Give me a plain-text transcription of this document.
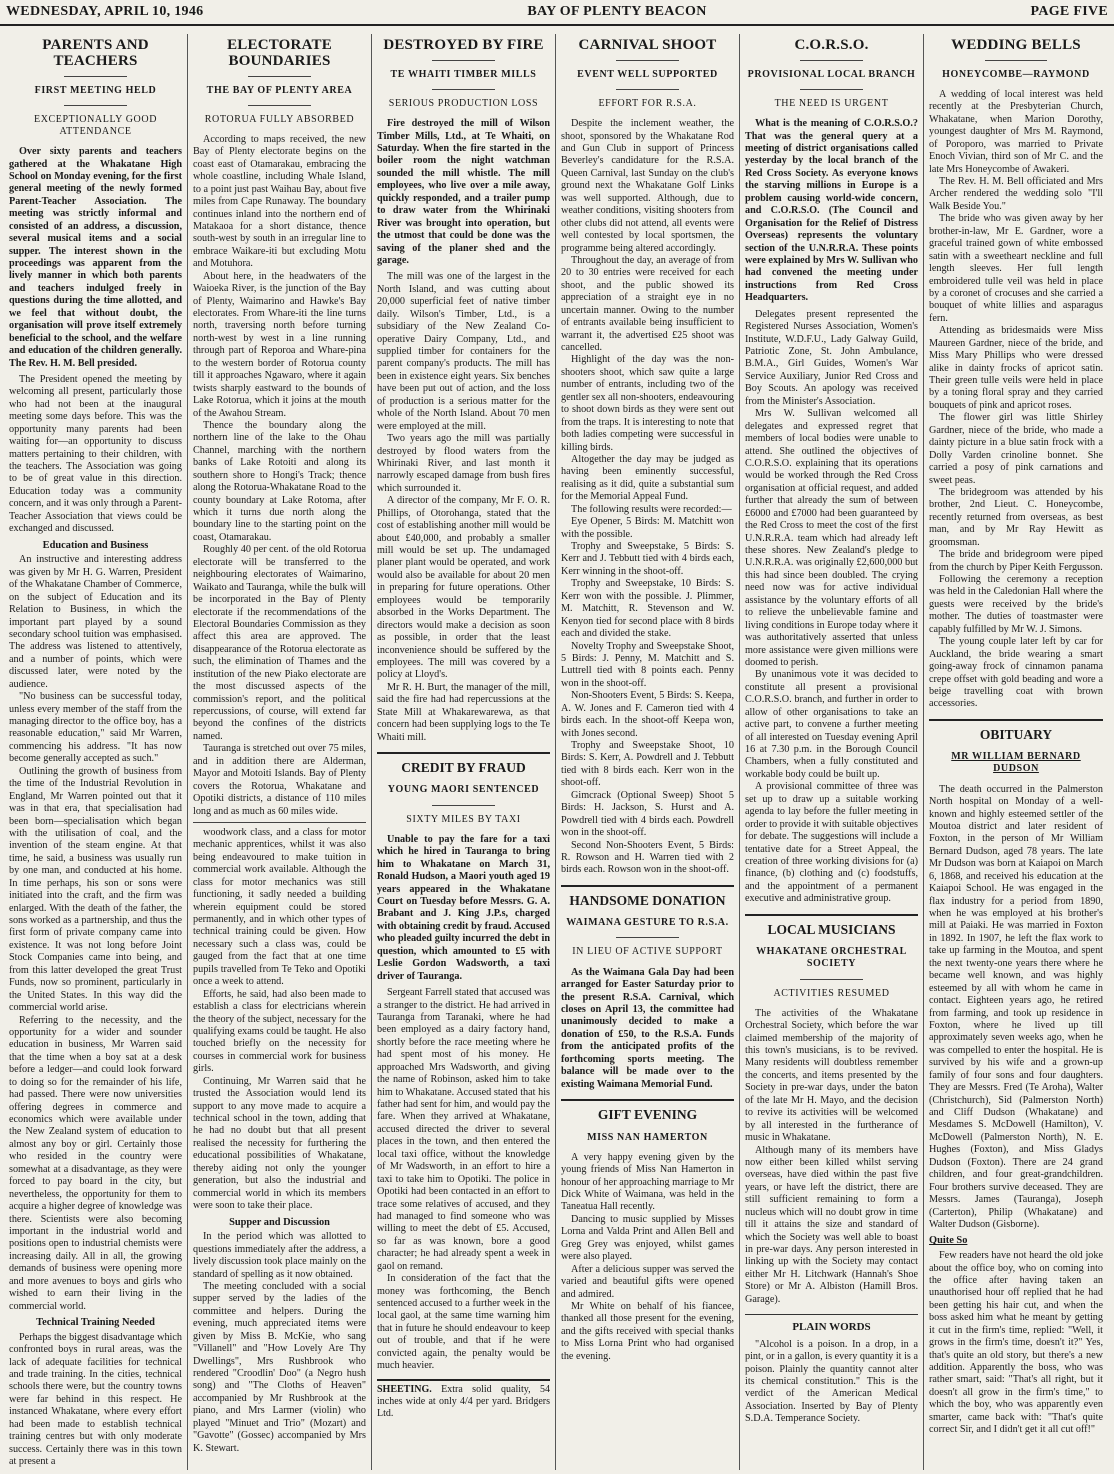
WEDNESDAY, APRIL 10, 1946	BAY OF PLENTY BEACON	PAGE FIVE
PARENTS AND TEACHERS
FIRST MEETING HELD
EXCEPTIONALLY GOOD ATTENDANCE
Over sixty parents and teachers gathered at the Whakatane High School on Monday evening, for the first general meeting of the newly formed Parent-Teacher Association. The meeting was strictly informal and consisted of an address, a discussion, several musical items and a social supper. The interest shown in the proceedings was apparent from the lively manner in which both parents and teachers indulged freely in questions during the time allotted, and we feel that without doubt, the organisation will prove itself extremely beneficial to the school, and the welfare and education of the children generally. The Rev. H. M. Bell presided.

The President opened the meeting by welcoming all present, particularly those who had not been at the inaugural meeting some days before. This was the opportunity many parents had been waiting for—an opportunity to discuss matters pertaining to their children, with the teachers. The Association was going to be of great value in this direction. Education today was a community concern, and it was only through a Parent-Teacher Association that views could be exchanged and discussed.

Education and Business

An instructive and interesting address was given by Mr H. G. Warren, President of the Whakatane Chamber of Commerce, on the subject of Education and its Relation to Business, in which the important part played by a sound secondary school tuition was emphasised. The address was listened to attentively, and a number of points, which were discussed later, were noted by the audience.

"No business can be successful today, unless every member of the staff from the managing director to the office boy, has a reasonable education," said Mr Warren, commencing his address. "It has now become generally accepted as such."

Outlining the growth of business from the time of the Industrial Revolution in England, Mr Warren pointed out that it was in that era, that specialisation had been born—specialisation which began with the utilisation of coal, and the invention of the steam engine. At that time, he said, a business was usually run by one man, and conducted at his home. In time perhaps, his son or sons were initiated into the craft, and the firm was enlarged. With the death of the father, the sons worked as a partnership, and thus the first form of private company came into existence. It was not long before Joint Stock Companies came into being, and from this latter developed the great Trust Funds, now so prominent, particularly in the United States. In this way did the commercial world arise.

Referring to the necessity, and the opportunity for a wider and sounder education in business, Mr Warren said that the time when a boy sat at a desk before a ledger—and could look forward to doing so for the remainder of his life, had passed. There were now universities offering degrees in commerce and economics which were available under the New Zealand system of education to almost any boy or girl. Certainly those who resided in the country were somewhat at a disadvantage, as they were forced to pay board in the city, but nevertheless, the opportunity for them to acquire a higher degree of knowledge was there. Scientists were also becoming important in the industrial world and positions open to industrial chemists were increasing daily. All in all, the growing demands of business were opening more and more avenues to boys and girls who wished to earn their living in the commercial world.

Technical Training Needed

Perhaps the biggest disadvantage which confronted boys in rural areas, was the lack of adequate facilities for technical and trade training. In the cities, technical schools there were, but the country towns were far behind in this respect. He instanced Whakatane, where every effort had been made to establish technical training centres but with only moderate success. Certainly there was in this town at present a

ELECTORATE BOUNDARIES
THE BAY OF PLENTY AREA
ROTORUA FULLY ABSORBED

According to maps received, the new Bay of Plenty electorate begins on the coast east of Otamarakau, embracing the whole coastline, including Whale Island, to a point just past Waihau Bay, about five miles from Cape Runaway. The boundary continues inland into the northern end of Matakaoa for a short distance, thence south-west by south in an irregular line to embrace Waikare-iti but excluding Motu and Motuhora.

About here, in the headwaters of the Waioeka River, is the junction of the Bay of Plenty, Waimarino and Hawke's Bay electorates. From Whare-iti the line turns north, traversing north before turning north-west by west in a line running through part of Reporoa and Whare-pina to the western border of Rotorua county till it approaches Ngawaro, where it again twists sharply eastward to the bounds of Lake Rotorua, which it joins at the mouth of the Awahou Stream.

Thence the boundary along the northern line of the lake to the Ohau Channel, marching with the northern banks of Lake Rotoiti and along its southern shore to Hongi's Track; thence along the Rotorua-Whakatane Road to the county boundary at Lake Rotoma, after which it turns due north along the boundary line to the starting point on the coast, Otamarakau.

Roughly 40 per cent. of the old Rotorua electorate will be transferred to the neighbouring electorates of Waimarino, Waikato and Tauranga, while the bulk will be incorporated in the Bay of Plenty electorate if the recommendations of the Electoral Boundaries Commission as they affect this area are approved. The disappearance of the Rotorua electorate as such, the elimination of Thames and the institution of the new Piako electorate are the most discussed aspects of the commission's report, and the political repercussions, of course, will extend far beyond the confines of the districts named.

Tauranga is stretched out over 75 miles, and in addition there are Alderman, Mayor and Motoiti Islands. Bay of Plenty covers the Rotorua, Whakatane and Opotiki districts, a distance of 110 miles long and as much as 60 miles wide.

woodwork class, and a class for motor mechanic apprentices, whilst it was also being endeavoured to make tuition in commercial work available. Although the class for motor mechanics was still functioning, it sadly needed a building wherein equipment could be stored permanently, and in which other types of technical training could be given. How necessary such a class was, could be gauged from the fact that at one time pupils travelled from Te Teko and Opotiki once a week to attend.

Efforts, he said, had also been made to establish a class for electricians wherein the theory of the subject, necessary for the qualifying exams could be taught. He also touched briefly on the necessity for courses in commercial work for business girls.

Continuing, Mr Warren said that he trusted the Association would lend its support to any move made to acquire a technical school in the town, adding that he had no doubt but that all present realised the necessity for furthering the educational possibilities of Whakatane, thereby aiding not only the younger generation, but also the industrial and commercial world in which its members were soon to take their place.

Supper and Discussion

In the period which was allotted to questions immediately after the address, a lively discussion took place mainly on the standard of spelling as it now obtained.

The meeting concluded with a social supper served by the ladies of the committee and helpers. During the evening, much appreciated items were given by Miss B. McKie, who sang "Villanell" and "How Lovely Are Thy Dwellings", Mrs Rushbrook who rendered "Croodlin' Doo" (a Negro hush song) and "The Cloths of Heaven" accompanied by Mr Rushbrook at the piano, and Mrs Larmer (violin) who played "Minuet and Trio" (Mozart) and "Gavotte" (Gossec) accompanied by Mrs K. Stewart.

DESTROYED BY FIRE
TE WHAITI TIMBER MILLS
SERIOUS PRODUCTION LOSS
Fire destroyed the mill of Wilson Timber Mills, Ltd., at Te Whaiti, on Saturday. When the fire started in the boiler room the night watchman sounded the mill whistle. The mill employees, who live over a mile away, quickly responded, and a trailer pump to draw water from the Whirinaki River was brought into operation, but the utmost that could be done was the saving of the planer shed and the garage.

The mill was one of the largest in the North Island, and was cutting about 20,000 superficial feet of native timber daily. Wilson's Timber, Ltd., is a subsidiary of the New Zealand Co-operative Dairy Company, Ltd., and supplied timber for containers for the parent company's products. The mill has been in existence eight years. Six benches have been put out of action, and the loss of production is a serious matter for the whole of the North Island. About 70 men were employed at the mill.

Two years ago the mill was partially destroyed by flood waters from the Whirinaki River, and last month it narrowly escaped damage from bush fires which surrounded it.

A director of the company, Mr F. O. R. Phillips, of Otorohanga, stated that the cost of establishing another mill would be about £40,000, and probably a smaller mill would be set up. The undamaged planer plant would be operated, and work would also be available for about 20 men in preparing for future operations. Other employees would be temporarily absorbed in the Works Department. The directors would make a decision as soon as possible, in order that the least inconvenience should be suffered by the employees. The mill was covered by a policy at Lloyd's.

Mr R. H. Burt, the manager of the mill, said the fire had had repercussions at the State Mill at Whakarewarewa, as that concern had been supplying logs to the Te Whaiti mill.

CREDIT BY FRAUD
YOUNG MAORI SENTENCED
SIXTY MILES BY TAXI
Unable to pay the fare for a taxi which he hired in Tauranga to bring him to Whakatane on March 31, Ronald Hudson, a Maori youth aged 19 years appeared in the Whakatane Court on Tuesday before Messrs. G. A. Brabant and J. King J.P.s, charged with obtaining credit by fraud. Accused who pleaded guilty incurred the debt in question, which amounted to £5 with Leslie Gordon Wadsworth, a taxi driver of Tauranga.

Sergeant Farrell stated that accused was a stranger to the district. He had arrived in Tauranga from Taranaki, where he had been employed as a dairy factory hand, shortly before the race meeting where he had spent most of his money. He approached Mrs Wadsworth, and giving the name of Robinson, asked him to take him to Whakatane. Accused stated that his father had sent for him, and would pay the fare. When they arrived at Whakatane, accused directed the driver to several places in the town, and then entered the local taxi office, without the knowledge of Mr Wadsworth, in an effort to hire a taxi to take him to Opotiki. The police in Opotiki had been contacted in an effort to trace some relatives of accused, and they had managed to find someone who was willing to meet the debt of £5. Accused, so far as was known, bore a good character; he had already spent a week in gaol on remand.

In consideration of the fact that the money was forthcoming, the Bench sentenced accused to a further week in the local gaol, at the same time warning him that in future he should endeavour to keep out of trouble, and that if he were convicted again, the penalty would be much heavier.

SHEETING. Extra solid quality, 54 inches wide at only 4/4 per yard. Bridgers Ltd.
CARNIVAL SHOOT
EVENT WELL SUPPORTED
EFFORT FOR R.S.A.

Despite the inclement weather, the shoot, sponsored by the Whakatane Rod and Gun Club in support of Princess Beverley's candidature for the R.S.A. Queen Carnival, last Sunday on the club's ground next the Whakatane Golf Links was well supported. Although, due to weather conditions, visiting shooters from other clubs did not attend, all events were well contested by local sportsmen, the programme being altered accordingly.

Throughout the day, an average of from 20 to 30 entries were received for each shoot, and the public showed its appreciation of a straight eye in no uncertain manner. Owing to the number of entrants available being insufficient to warrant it, the advertised £25 shoot was cancelled.

Highlight of the day was the non-shooters shoot, which saw quite a large number of entrants, including two of the gentler sex all non-shooters, endeavouring to shoot down birds as they were sent out from the traps. It is interesting to note that both ladies competing were successful in killing birds.

Altogether the day may be judged as having been eminently successful, realising as it did, quite a substantial sum for the Memorial Appeal Fund.

The following results were recorded:—

Eye Opener, 5 Birds: M. Matchitt won with the possible.

Trophy and Sweepstake, 5 Birds: S. Kerr and J. Tebbutt tied with 4 birds each, Kerr winning in the shoot-off.

Trophy and Sweepstake, 10 Birds: S. Kerr won with the possible. J. Plimmer, M. Matchitt, R. Stevenson and W. Kenyon tied for second place with 8 birds each and divided the stake.

Novelty Trophy and Sweepstake Shoot, 5 Birds: J. Penny, M. Matchitt and S. Luttrell tied with 8 points each. Penny won in the shoot-off.

Non-Shooters Event, 5 Birds: S. Keepa, A. W. Jones and F. Cameron tied with 4 birds each. In the shoot-off Keepa won, with Jones second.

Trophy and Sweepstake Shoot, 10 Birds: S. Kerr, A. Powdrell and J. Tebbutt tied with 8 birds each. Kerr won in the shoot-off.

Gimcrack (Optional Sweep) Shoot 5 Birds: H. Jackson, S. Hurst and A. Powdrell tied with 4 birds each. Powdrell won in the shoot-off.

Second Non-Shooters Event, 5 Birds: R. Rowson and H. Warren tied with 2 birds each. Rowson won in the shoot-off.

HANDSOME DONATION
WAIMANA GESTURE TO R.S.A.
IN LIEU OF ACTIVE SUPPORT
As the Waimana Gala Day had been arranged for Easter Saturday prior to the present R.S.A. Carnival, which closes on April 13, the committee had unanimously decided to make a donation of £50, to the R.S.A. Funds from the anticipated profits of the forthcoming sports meeting. The balance will be made over to the existing Waimana Memorial Fund.
GIFT EVENING
MISS NAN HAMERTON

A very happy evening given by the young friends of Miss Nan Hamerton in honour of her approaching marriage to Mr Dick White of Waimana, was held in the Taneatua Hall recently.

Dancing to music supplied by Misses Lorna and Valda Print and Allen Bell and Greg Grey was enjoyed, whilst games were also played.

After a delicious supper was served the varied and beautiful gifts were opened and admired.

Mr White on behalf of his fiancee, thanked all those present for the evening, and the gifts received with special thanks to Miss Lorna Print who had organised the evening.

C.O.R.S.O.
PROVISIONAL LOCAL BRANCH
THE NEED IS URGENT
What is the meaning of C.O.R.S.O.? That was the general query at a meeting of district organisations called yesterday by the local branch of the Red Cross Society. As everyone knows the starving millions in Europe is a problem causing world-wide concern, and C.O.R.S.O. (The Council and Organisation for the Relief of Distress Overseas) represents the voluntary section of the U.N.R.R.A. These points were explained by Mrs W. Sullivan who had convened the meeting under instructions from Red Cross Headquarters.

Delegates present represented the Registered Nurses Association, Women's Institute, W.D.F.U., Lady Galway Guild, Patriotic Zone, St. John Ambulance, B.M.A., Girl Guides, Women's War Service Auxiliary, Junior Red Cross and Boy Scouts. An apology was received from the Minister's Association.

Mrs W. Sullivan welcomed all delegates and expressed regret that members of local bodies were unable to attend. She outlined the objectives of C.O.R.S.O. explaining that its operations would be worked through the Red Cross organisation at official request, and added further that already the sum of between £6000 and £7000 had been guaranteed by the Red Cross to meet the cost of the first U.N.R.R.A. team which had already left these shores. New Zealand's pledge to U.N.R.R.A. was originally £2,600,000 but this had since been doubled. The crying need now was for active individual assistance by the voluntary efforts of all to relieve the unbelievable famine and living conditions in Europe today where it was authoritatively asserted that unless more assistance were given millions were doomed to perish.

By unanimous vote it was decided to constitute all present a provisional C.O.R.S.O. branch, and further in order to allow of other organisations to take an active part, to convene a further meeting of all interested on Tuesday evening April 16 at 7.30 p.m. in the Borough Council Chambers, when a fully constituted and workable body could be built up.

A provisional committee of three was set up to draw up a suitable working agenda to lay before the fuller meeting in order to provide it with suitable objectives for debate. The suggestions will include a tentative date for a Street Appeal, the creation of three working divisions for (a) finance, (b) clothing and (c) foodstuffs, and the appointment of a permanent executive and administrative group.

LOCAL MUSICIANS
WHAKATANE ORCHESTRAL SOCIETY
ACTIVITIES RESUMED

The activities of the Whakatane Orchestral Society, which before the war claimed membership of the majority of this town's musicians, is to be revived. Many residents will doubtless remember the concerts, and items presented by the Society in pre-war days, under the baton of the late Mr H. Mayo, and the decision to revive its activities will be welcomed by all interested in the furtherance of music in Whakatane.

Although many of its members have now either been killed whilst serving overseas, have died within the past five years, or have left the district, there are still sufficient remaining to form a nucleus which will no doubt grow in time till it attains the size and standard of which the Society was well able to boast in pre-war days. Any person interested in linking up with the Society may contact either Mr H. Litchwark (Hannah's Shoe Store) or Mr A. Albiston (Hamill Bros. Garage).

PLAIN WORDS

"Alcohol is a poison. In a drop, in a pint, or in a gallon, is every quantity it is a poison. Plainly the quantity cannot alter its chemical constitution." This is the verdict of the American Medical Association. Inserted by Bay of Plenty S.D.A. Temperance Society.

WEDDING BELLS
HONEYCOMBE—RAYMOND

A wedding of local interest was held recently at the Presbyterian Church, Whakatane, when Marion Dorothy, youngest daughter of Mrs M. Raymond, of Poroporo, was married to Private Enoch Vivian, third son of Mr C. and the late Mrs Honeycombe of Awakeri.

The Rev. H. M. Bell officiated and Mrs Archer rendered the wedding solo "I'll Walk Beside You."

The bride who was given away by her brother-in-law, Mr E. Gardner, wore a graceful trained gown of white embossed satin with a sweetheart neckline and full length sleeves. Her full length embroidered tulle veil was held in place by a coronet of crocuses and she carried a bouquet of white lillies and asparagus fern.

Attending as bridesmaids were Miss Maureen Gardner, niece of the bride, and Miss Mary Phillips who were dressed alike in dainty frocks of apricot satin. Their green tulle veils were held in place by a toning floral spray and they carried bouquets of pink and apricot roses.

The flower girl was little Shirley Gardner, niece of the bride, who made a dainty picture in a blue satin frock with a Dolly Varden crinoline bonnet. She carried a posy of pink carnations and sweet peas.

The bridegroom was attended by his brother, 2nd Lieut. C. Honeycombe, recently returned from overseas, as best man, and by Mr Ray Hewitt as groomsman.

The bride and bridegroom were piped from the church by Piper Keith Fergusson.

Following the ceremony a reception was held in the Caledonian Hall where the guests were received by the bride's mother. The duties of toastmaster were capably fulfilled by Mr W. J. Simons.

The young couple later left by car for Auckland, the bride wearing a smart going-away frock of cinnamon panama crepe offset with gold beading and wore a beige travelling coat with brown accessories.

OBITUARY
MR WILLIAM BERNARD DUDSON

The death occurred in the Palmerston North hospital on Monday of a well-known and highly esteemed settler of the Moutoa district and later resident of Foxton, in the person of Mr William Bernard Dudson, aged 78 years. The late Mr Dudson was born at Kaiapoi on March 6, 1868, and received his education at the Kaiapoi School. He was engaged in the flax industry for a period from 1890, when he was employed at his brother's mill at Paiaki. He was married in Foxton in 1892. In 1907, he left the flax work to take up farming in the Moutoa, and spent the next twenty-one years there where he became well known, and was highly esteemed by all with whom he came in contact. Eighteen years ago, he retired from farming, and took up residence in Foxton, where he lived up till approximately seven weeks ago, when he was compelled to enter the hospital. He is survived by his wife and a grown-up family of four sons and four daughters. They are Messrs. Fred (Te Aroha), Walter (Christchurch), Sid (Palmerston North) and Cliff Dudson (Whakatane) and Mesdames S. McDowell (Hamilton), V. McDowell (Palmerston North), N. E. Hughes (Foxton), and Miss Gladys Dudson (Foxton). There are 24 grand children, and four great-grandchildren. Four brothers survive deceased. They are Messrs. James (Tauranga), Joseph (Carterton), Philip (Whakatane) and Walter Dudson (Gisborne).

Quite So

Few readers have not heard the old joke about the office boy, who on coming into the office after having taken an unauthorised hour off replied that he had been getting his hair cut, and when the boss asked him what he meant by getting it cut in the firm's time, replied: "Well, it grows in the firm's time, doesn't it?" Yes, that's quite an old story, but there's a new addition. Apparently the boss, who was rather smart, said: "That's all right, but it doesn't all grow in the firm's time," to which the boy, who was apparently even smarter, came back with: "That's quite correct Sir, and I didn't get it all cut off!"
